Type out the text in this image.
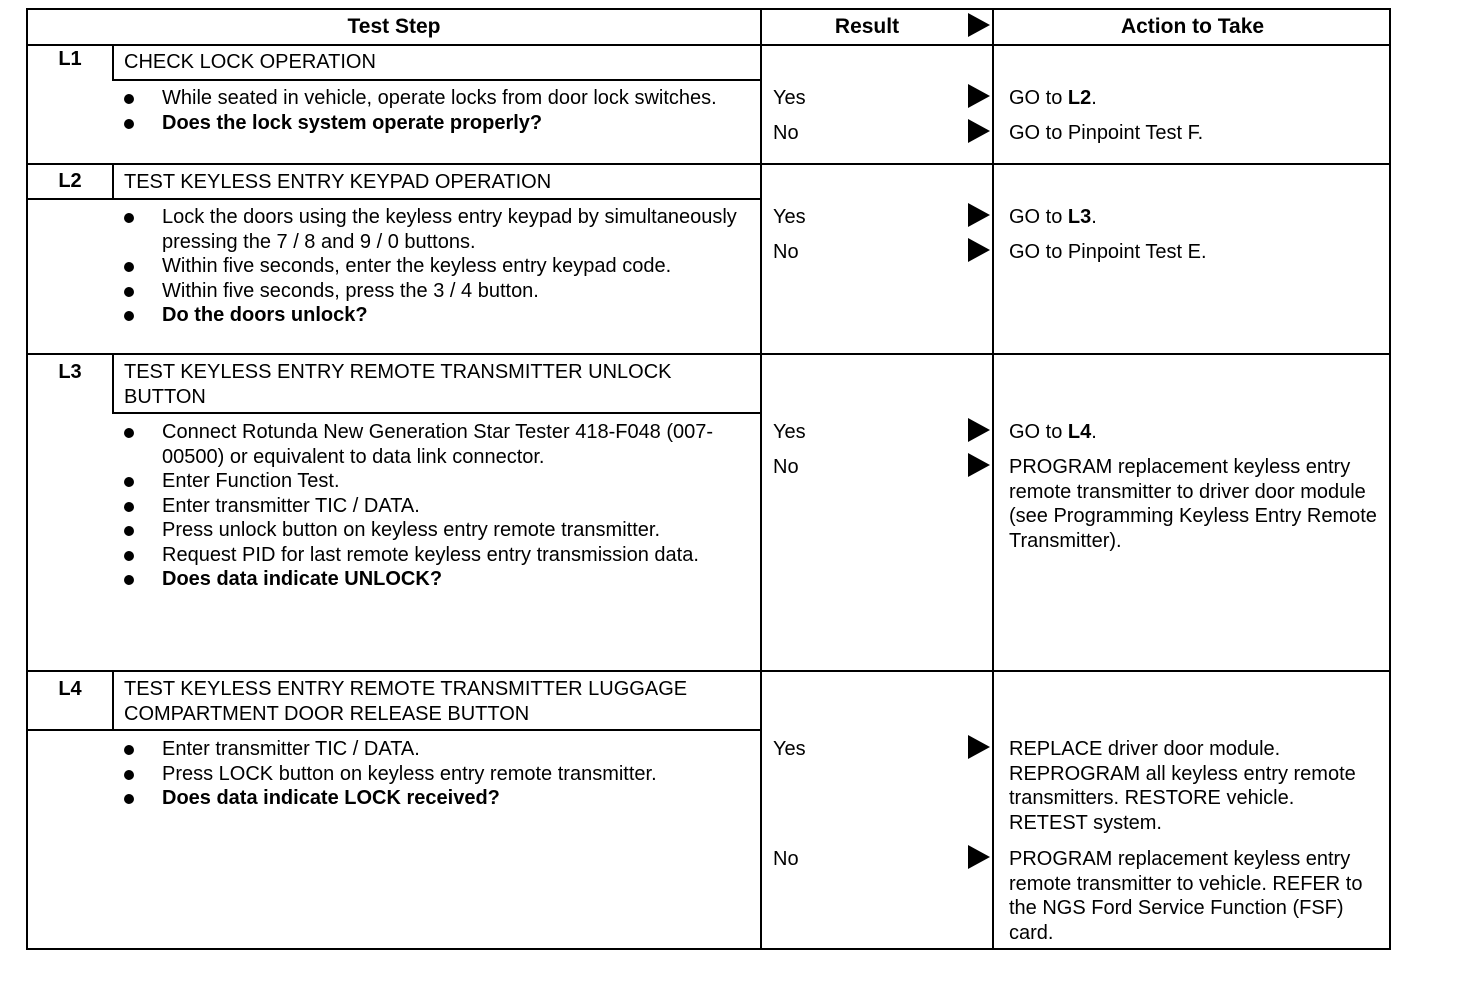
Test Step	Result	Action to Take
L1	CHECK LOCK OPERATION
While seated in vehicle, operate locks from door lock switches.
Does the lock system operate properly?
Yes	GO to L2.
No	GO to Pinpoint Test F.
L2	TEST KEYLESS ENTRY KEYPAD OPERATION
Lock the doors using the keyless entry keypad by simultaneously pressing the 7 / 8 and 9 / 0 buttons.
Within five seconds, enter the keyless entry keypad code.
Within five seconds, press the 3 / 4 button.
Do the doors unlock?
Yes	GO to L3.
No	GO to Pinpoint Test E.
L3	TEST KEYLESS ENTRY REMOTE TRANSMITTER UNLOCK BUTTON
Connect Rotunda New Generation Star Tester 418-F048 (007-00500) or equivalent to data link connector.
Enter Function Test.
Enter transmitter TIC / DATA.
Press unlock button on keyless entry remote transmitter.
Request PID for last remote keyless entry transmission data.
Does data indicate UNLOCK?
Yes	GO to L4.
No	PROGRAM replacement keyless entry remote transmitter to driver door module (see Programming Keyless Entry Remote Transmitter).
L4	TEST KEYLESS ENTRY REMOTE TRANSMITTER LUGGAGE COMPARTMENT DOOR RELEASE BUTTON
Enter transmitter TIC / DATA.
Press LOCK button on keyless entry remote transmitter.
Does data indicate LOCK received?
Yes	REPLACE driver door module. REPROGRAM all keyless entry remote transmitters. RESTORE vehicle. RETEST system.
No	PROGRAM replacement keyless entry remote transmitter to vehicle. REFER to the NGS Ford Service Function (FSF) card.
